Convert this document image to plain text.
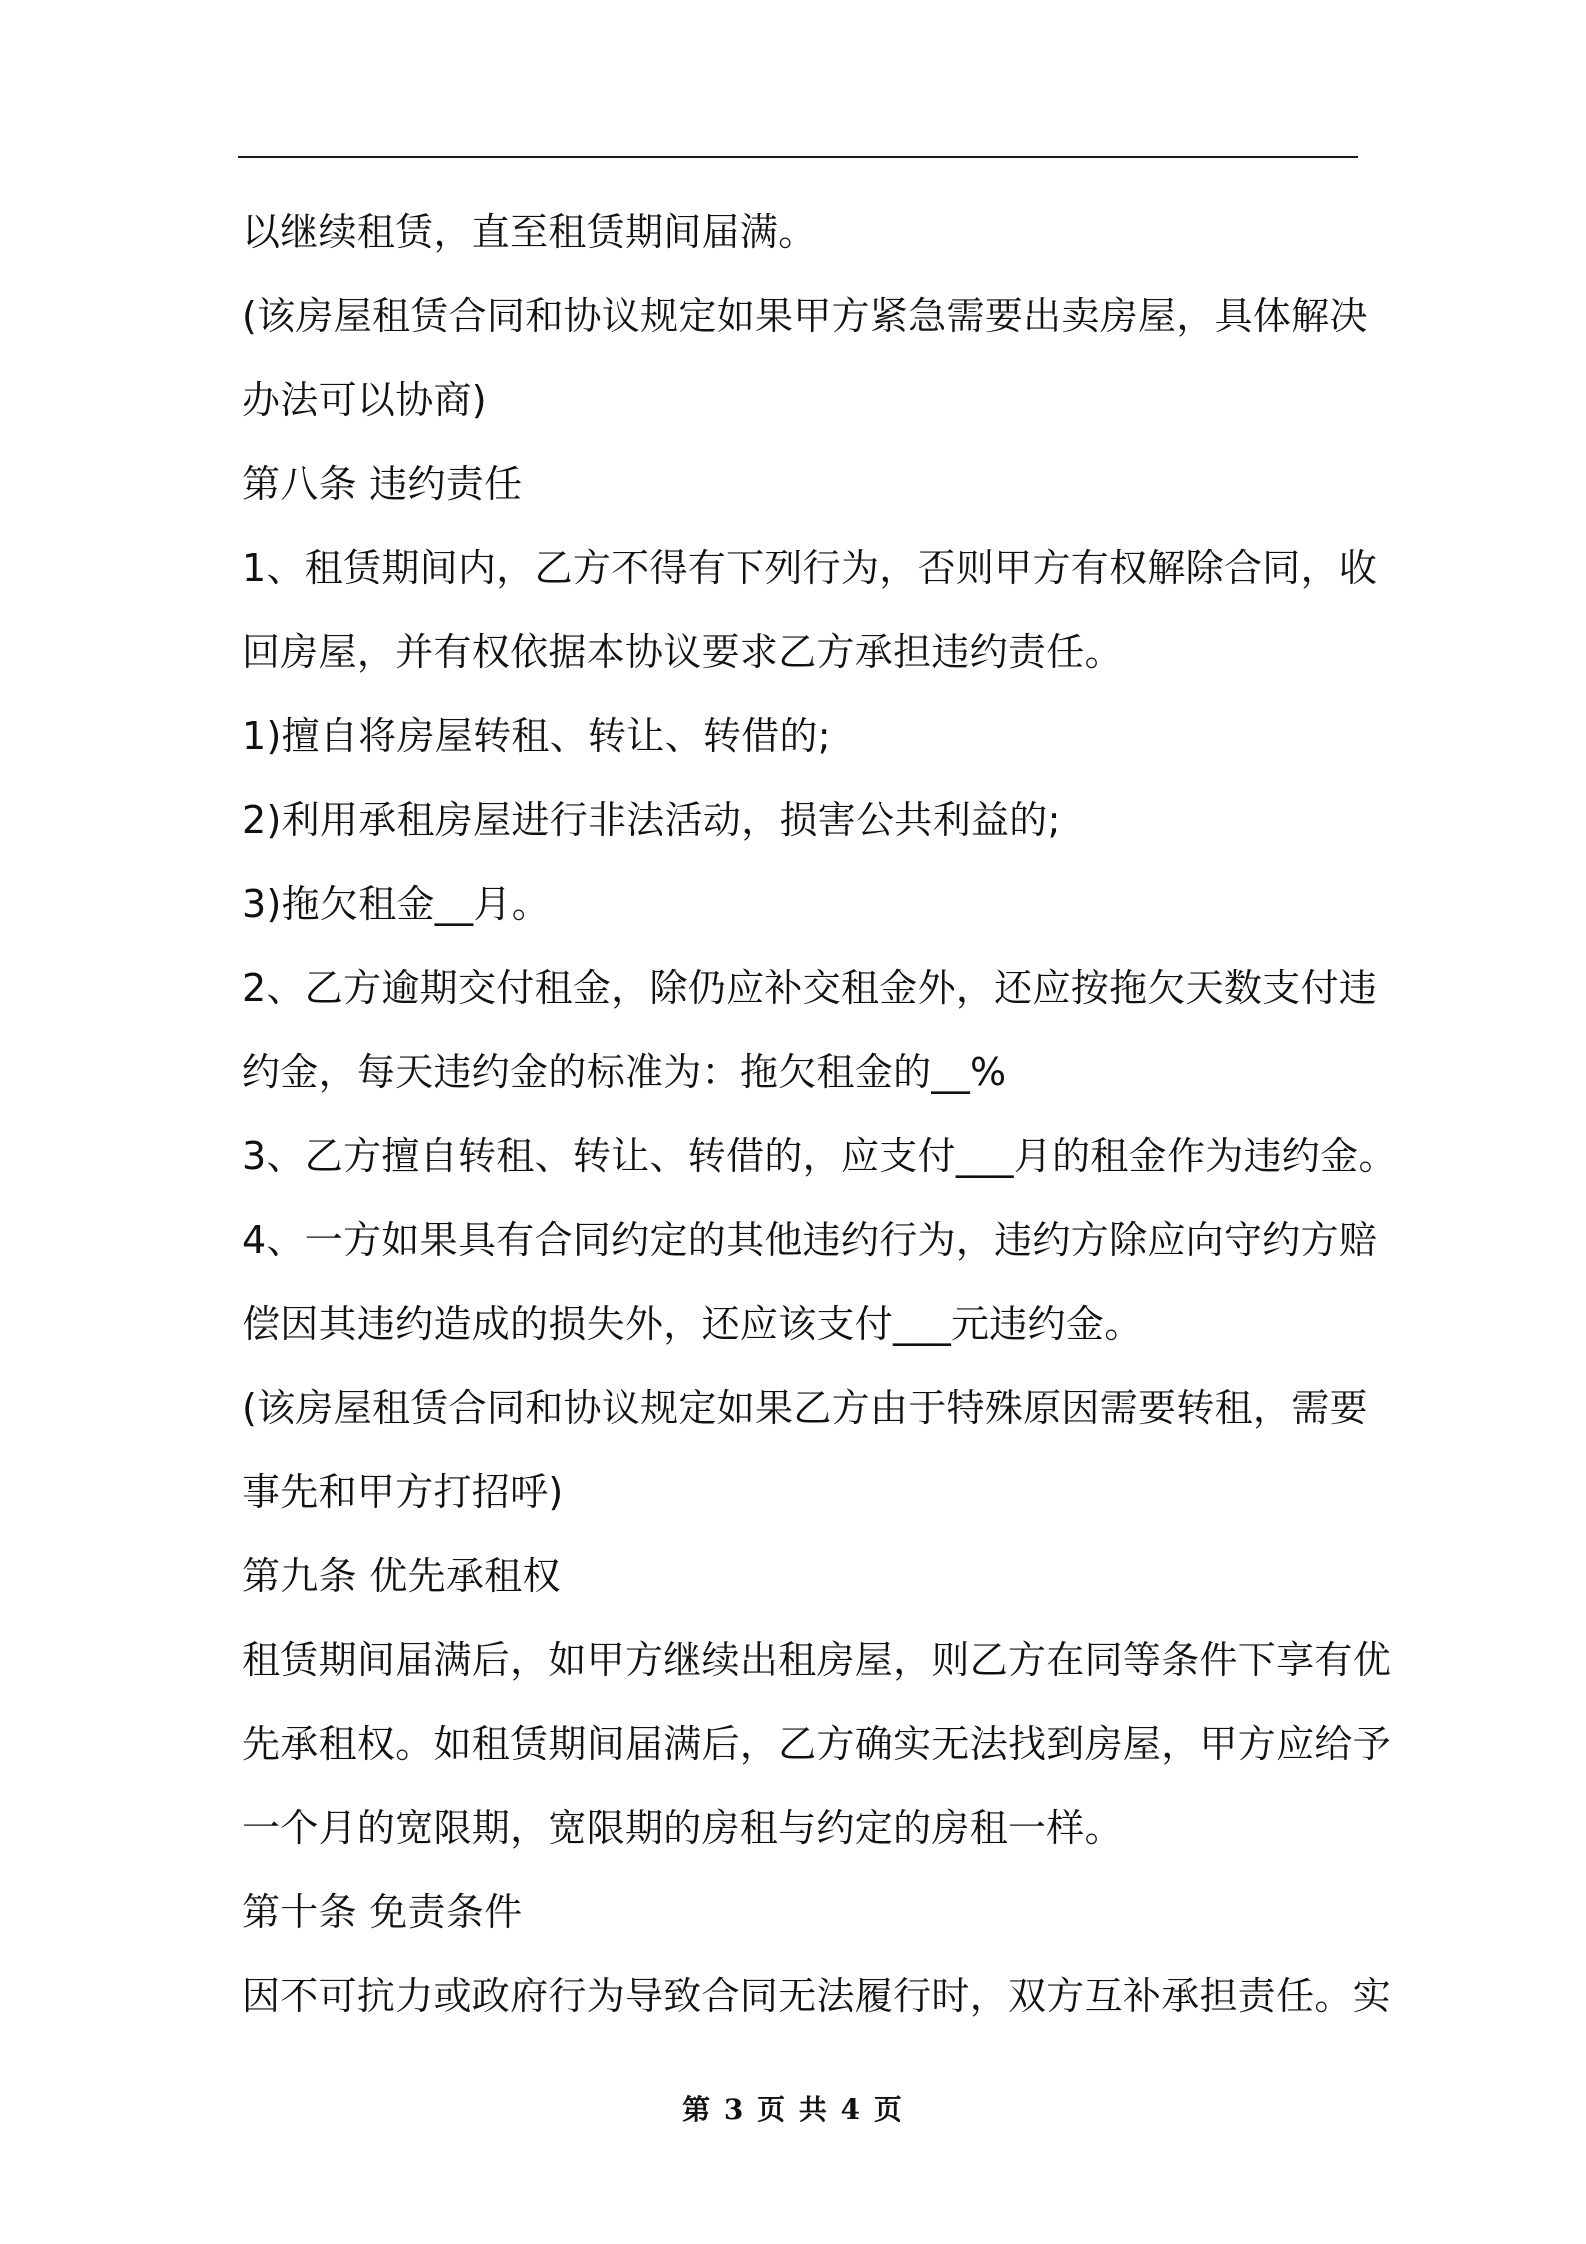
以继续租赁，直至租赁期间届满。
(该房屋租赁合同和协议规定如果甲方紧急需要出卖房屋，具体解决
办法可以协商)
第八条 违约责任
1、租赁期间内，乙方不得有下列行为，否则甲方有权解除合同，收
回房屋，并有权依据本协议要求乙方承担违约责任。
1)擅自将房屋转租、转让、转借的;
2)利用承租房屋进行非法活动，损害公共利益的;
3)拖欠租金__月。
2、乙方逾期交付租金，除仍应补交租金外，还应按拖欠天数支付违
约金，每天违约金的标准为：拖欠租金的__%
3、乙方擅自转租、转让、转借的，应支付___月的租金作为违约金。
4、一方如果具有合同约定的其他违约行为，违约方除应向守约方赔
偿因其违约造成的损失外，还应该支付___元违约金。
(该房屋租赁合同和协议规定如果乙方由于特殊原因需要转租，需要
事先和甲方打招呼)
第九条 优先承租权
租赁期间届满后，如甲方继续出租房屋，则乙方在同等条件下享有优
先承租权。如租赁期间届满后，乙方确实无法找到房屋，甲方应给予
一个月的宽限期，宽限期的房租与约定的房租一样。
第十条 免责条件
因不可抗力或政府行为导致合同无法履行时，双方互补承担责任。实
第 3 页 共 4 页
